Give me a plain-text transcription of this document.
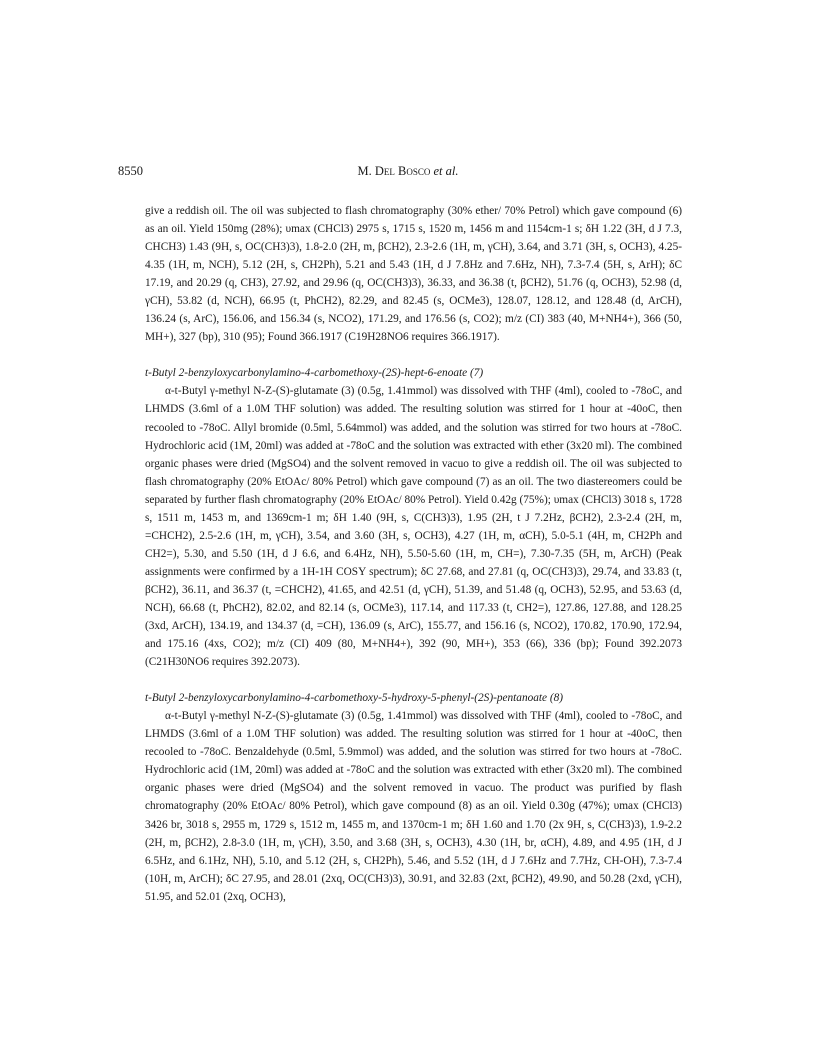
8550	M. Del Bosco et al.

give a reddish oil. The oil was subjected to flash chromatography (30% ether/ 70% Petrol) which gave compound (6) as an oil. Yield 150mg (28%); υmax (CHCl3) 2975 s, 1715 s, 1520 m, 1456 m and 1154cm-1 s; δH 1.22 (3H, d J 7.3, CHCH3) 1.43 (9H, s, OC(CH3)3), 1.8-2.0 (2H, m, βCH2), 2.3-2.6 (1H, m, γCH), 3.64, and 3.71 (3H, s, OCH3), 4.25-4.35 (1H, m, NCH), 5.12 (2H, s, CH2Ph), 5.21 and 5.43 (1H, d J 7.8Hz and 7.6Hz, NH), 7.3-7.4 (5H, s, ArH); δC 17.19, and 20.29 (q, CH3), 27.92, and 29.96 (q, OC(CH3)3), 36.33, and 36.38 (t, βCH2), 51.76 (q, OCH3), 52.98 (d, γCH), 53.82 (d, NCH), 66.95 (t, PhCH2), 82.29, and 82.45 (s, OCMe3), 128.07, 128.12, and 128.48 (d, ArCH), 136.24 (s, ArC), 156.06, and 156.34 (s, NCO2), 171.29, and 176.56 (s, CO2); m/z (CI) 383 (40, M+NH4+), 366 (50, MH+), 327 (bp), 310 (95); Found 366.1917 (C19H28NO6 requires 366.1917).

t-Butyl 2-benzyloxycarbonylamino-4-carbomethoxy-(2S)-hept-6-enoate (7)

α-t-Butyl γ-methyl N-Z-(S)-glutamate (3) (0.5g, 1.41mmol) was dissolved with THF (4ml), cooled to -78oC, and LHMDS (3.6ml of a 1.0M THF solution) was added. The resulting solution was stirred for 1 hour at -40oC, then recooled to -78oC. Allyl bromide (0.5ml, 5.64mmol) was added, and the solution was stirred for two hours at -78oC. Hydrochloric acid (1M, 20ml) was added at -78oC and the solution was extracted with ether (3x20 ml). The combined organic phases were dried (MgSO4) and the solvent removed in vacuo to give a reddish oil. The oil was subjected to flash chromatography (20% EtOAc/ 80% Petrol) which gave compound (7) as an oil. The two diastereomers could be separated by further flash chromatography (20% EtOAc/ 80% Petrol). Yield 0.42g (75%); υmax (CHCl3) 3018 s, 1728 s, 1511 m, 1453 m, and 1369cm-1 m; δH 1.40 (9H, s, C(CH3)3), 1.95 (2H, t J 7.2Hz, βCH2), 2.3-2.4 (2H, m, =CHCH2), 2.5-2.6 (1H, m, γCH), 3.54, and 3.60 (3H, s, OCH3), 4.27 (1H, m, αCH), 5.0-5.1 (4H, m, CH2Ph and CH2=), 5.30, and 5.50 (1H, d J 6.6, and 6.4Hz, NH), 5.50-5.60 (1H, m, CH=), 7.30-7.35 (5H, m, ArCH) (Peak assignments were confirmed by a 1H-1H COSY spectrum); δC 27.68, and 27.81 (q, OC(CH3)3), 29.74, and 33.83 (t, βCH2), 36.11, and 36.37 (t, =CHCH2), 41.65, and 42.51 (d, γCH), 51.39, and 51.48 (q, OCH3), 52.95, and 53.63 (d, NCH), 66.68 (t, PhCH2), 82.02, and 82.14 (s, OCMe3), 117.14, and 117.33 (t, CH2=), 127.86, 127.88, and 128.25 (3xd, ArCH), 134.19, and 134.37 (d, =CH), 136.09 (s, ArC), 155.77, and 156.16 (s, NCO2), 170.82, 170.90, 172.94, and 175.16 (4xs, CO2); m/z (CI) 409 (80, M+NH4+), 392 (90, MH+), 353 (66), 336 (bp); Found 392.2073 (C21H30NO6 requires 392.2073).

t-Butyl 2-benzyloxycarbonylamino-4-carbomethoxy-5-hydroxy-5-phenyl-(2S)-pentanoate (8)

α-t-Butyl γ-methyl N-Z-(S)-glutamate (3) (0.5g, 1.41mmol) was dissolved with THF (4ml), cooled to -78oC, and LHMDS (3.6ml of a 1.0M THF solution) was added. The resulting solution was stirred for 1 hour at -40oC, then recooled to -78oC. Benzaldehyde (0.5ml, 5.9mmol) was added, and the solution was stirred for two hours at -78oC. Hydrochloric acid (1M, 20ml) was added at -78oC and the solution was extracted with ether (3x20 ml). The combined organic phases were dried (MgSO4) and the solvent removed in vacuo. The product was purified by flash chromatography (20% EtOAc/ 80% Petrol), which gave compound (8) as an oil. Yield 0.30g (47%); υmax (CHCl3) 3426 br, 3018 s, 2955 m, 1729 s, 1512 m, 1455 m, and 1370cm-1 m; δH 1.60 and 1.70 (2x 9H, s, C(CH3)3), 1.9-2.2 (2H, m, βCH2), 2.8-3.0 (1H, m, γCH), 3.50, and 3.68 (3H, s, OCH3), 4.30 (1H, br, αCH), 4.89, and 4.95 (1H, d J 6.5Hz, and 6.1Hz, NH), 5.10, and 5.12 (2H, s, CH2Ph), 5.46, and 5.52 (1H, d J 7.6Hz and 7.7Hz, CH-OH), 7.3-7.4 (10H, m, ArCH); δC 27.95, and 28.01 (2xq, OC(CH3)3), 30.91, and 32.83 (2xt, βCH2), 49.90, and 50.28 (2xd, γCH), 51.95, and 52.01 (2xq, OCH3),
